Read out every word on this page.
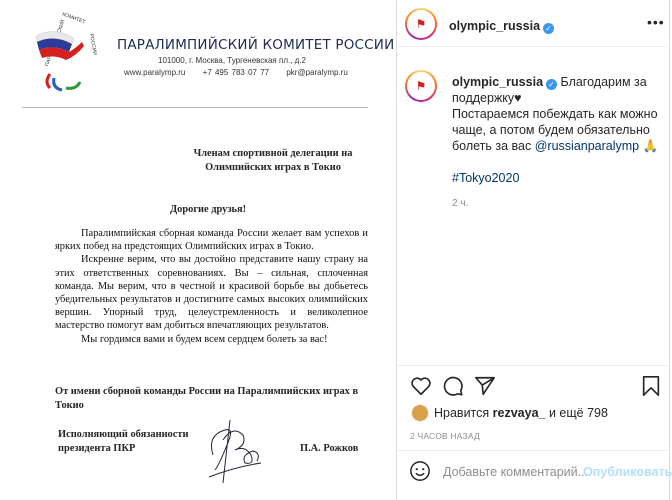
КОМИТЕТ
РОССИИ ПАРАЛИМПИЙСКИЙ КОМИТЕТ РОССИИ
101000, г. Москва, Тургеневская пл., д.2
www.paralymp.ru +7 495 783 07 77 pkr@paralymp.ru
Членам спортивной делегации на
Олимпийских играх в Токио
Дорогие друзья!

Паралимпийская сборная команда России желает вам успехов и ярких побед на предстоящих Олимпийских играх в Токио.

Искренне верим, что вы достойно представите нашу страну на этих ответственных соревнованиях. Вы – сильная, сплоченная команда. Мы верим, что в честной и красивой борьбе вы добьетесь убедительных результатов и достигните самых высоких олимпийских вершин. Упорный труд, целеустремленность и великолепное мастерство помогут вам добиться впечатляющих результатов.

Мы гордимся вами и будем всем сердцем болеть за вас!

От имени сборной команды России на Паралимпийских играх в Токио
Исполняющий обязанности
президента ПКР	П.А. Рожков
⚑ olympic_russia ✓	•••
⚑ olympic_russia ✓ Благодарим за поддержку♥
Постараемся побеждать как можно чаще, а потом будем обязательно болеть за вас @russianparalymp 🙏
#Tokyo2020
2 ч.
Нравится rezvaya_ и ещё 798
2 ЧАСОВ НАЗАД
Добавьте комментарий...
Опубликовать
